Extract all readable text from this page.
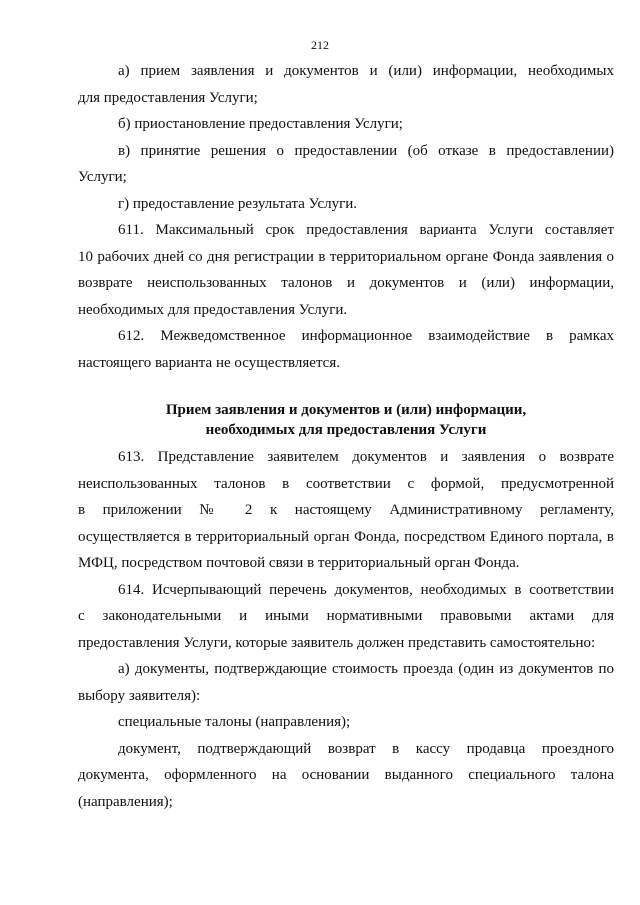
212
а) прием заявления и документов и (или) информации, необходимых
для предоставления Услуги;
б) приостановление предоставления Услуги;
в) принятие решения о предоставлении (об отказе в предоставлении)
Услуги;
г) предоставление результата Услуги.
611. Максимальный срок предоставления варианта Услуги составляет
10 рабочих дней со дня регистрации в территориальном органе Фонда заявления о
возврате неиспользованных талонов и документов и (или) информации,
необходимых для предоставления Услуги.
612. Межведомственное информационное взаимодействие в рамках
настоящего варианта не осуществляется.
Прием заявления и документов и (или) информации,
необходимых для предоставления Услуги
613. Представление заявителем документов и заявления о возврате
неиспользованных талонов в соответствии с формой, предусмотренной
в приложении № 2 к настоящему Административному регламенту,
осуществляется в территориальный орган Фонда, посредством Единого портала, в
МФЦ, посредством почтовой связи в территориальный орган Фонда.
614. Исчерпывающий перечень документов, необходимых в соответствии
с законодательными и иными нормативными правовыми актами для
предоставления Услуги, которые заявитель должен представить самостоятельно:
а) документы, подтверждающие стоимость проезда (один из документов по
выбору заявителя):
специальные талоны (направления);
документ, подтверждающий возврат в кассу продавца проездного
документа, оформленного на основании выданного специального талона
(направления);
